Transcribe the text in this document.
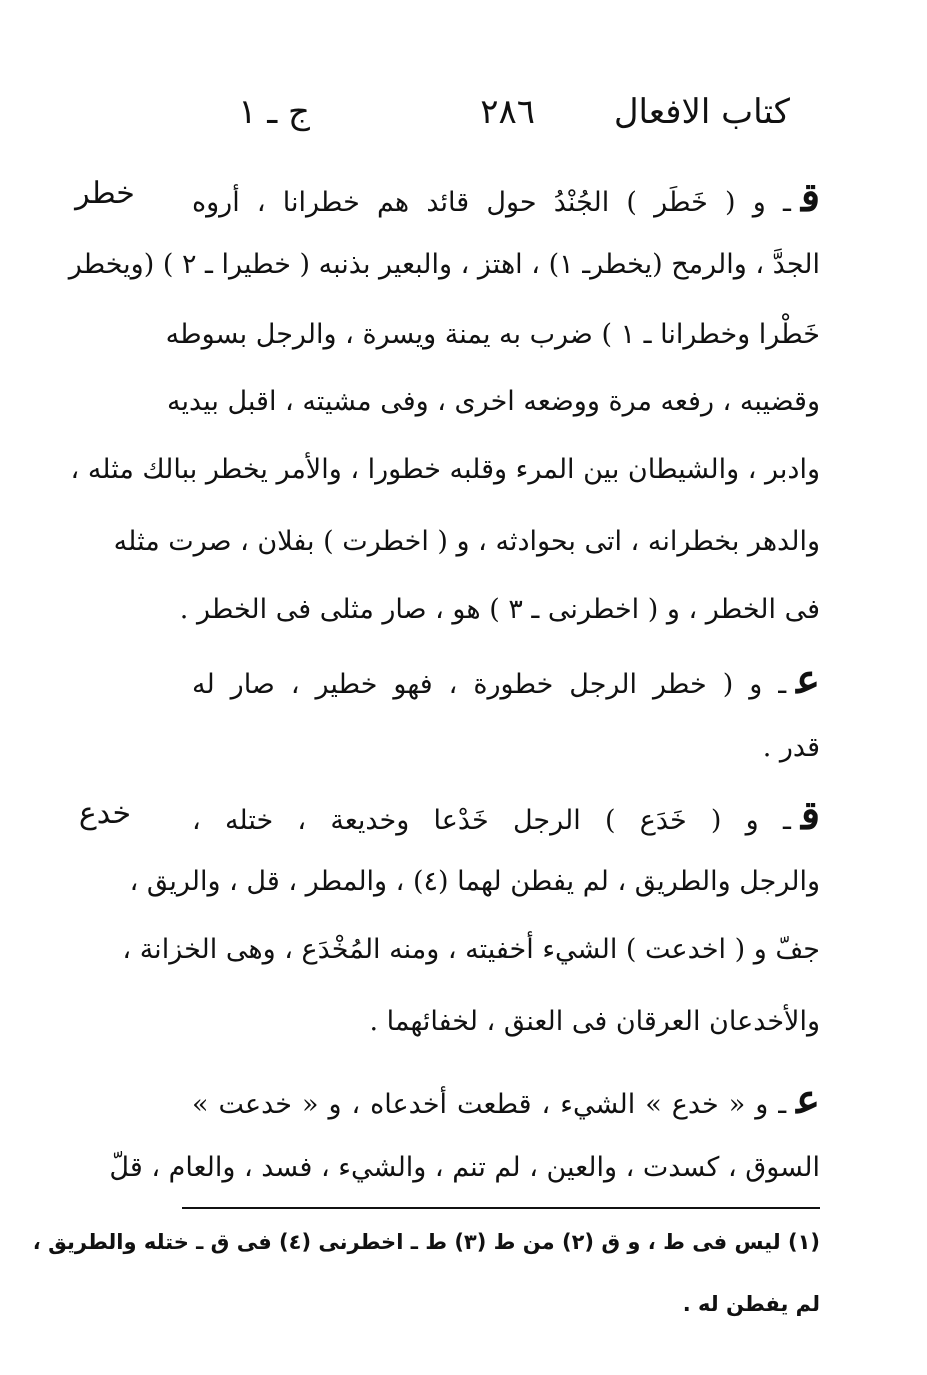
كتاب الافعال
٢٨٦
ج ـ ١
خطر	قـ و ( خَطَر ) الجُنْدُ حول قائد هم خطرانا ، أروه
الجدَّ ، والرمح (يخطرـ ١) ، اهتز ، والبعير بذنبه ( خطيرا ـ ٢ ) (ويخطر
خَطْرا وخطرانا ـ ١ ) ضرب به يمنة ويسرة ، والرجل بسوطه
وقضيبه ، رفعه مرة ووضعه اخرى ، وفى مشيته ، اقبل بيديه
وادبر ، والشيطان بين المرء وقلبه خطورا ، والأمر يخطر ببالك مثله ،
والدهر بخطرانه ، اتى بحوادثه ، و ( اخطرت ) بفلان ، صرت مثله
فى الخطر ، و ( اخطرنى ـ ٣ ) هو ، صار مثلى فى الخطر .
عـ و ( خطر الرجل خطورة ، فهو خطير ، صار له
قدر .
خدع	قـ و ( خَدَع ) الرجل خَدْعا وخديعة ، ختله ،
والرجل والطريق ، لم يفطن لهما (٤) ، والمطر ، قل ، والريق ،
جفّ و ( اخدعت ) الشيء أخفيته ، ومنه المُخْدَع ، وهى الخزانة ،
والأخدعان العرقان فى العنق ، لخفائهما .
عـ و « خدع » الشيء ، قطعت أخدعاه ، و « خدعت »
السوق ، كسدت ، والعين ، لم تنم ، والشيء ، فسد ، والعام ، قلّ
(١) ليس فى ط ، و ق (٢) من ط (٣) ط ـ اخطرنى (٤) فى ق ـ ختله والطريق ،
لم يفطن له .
